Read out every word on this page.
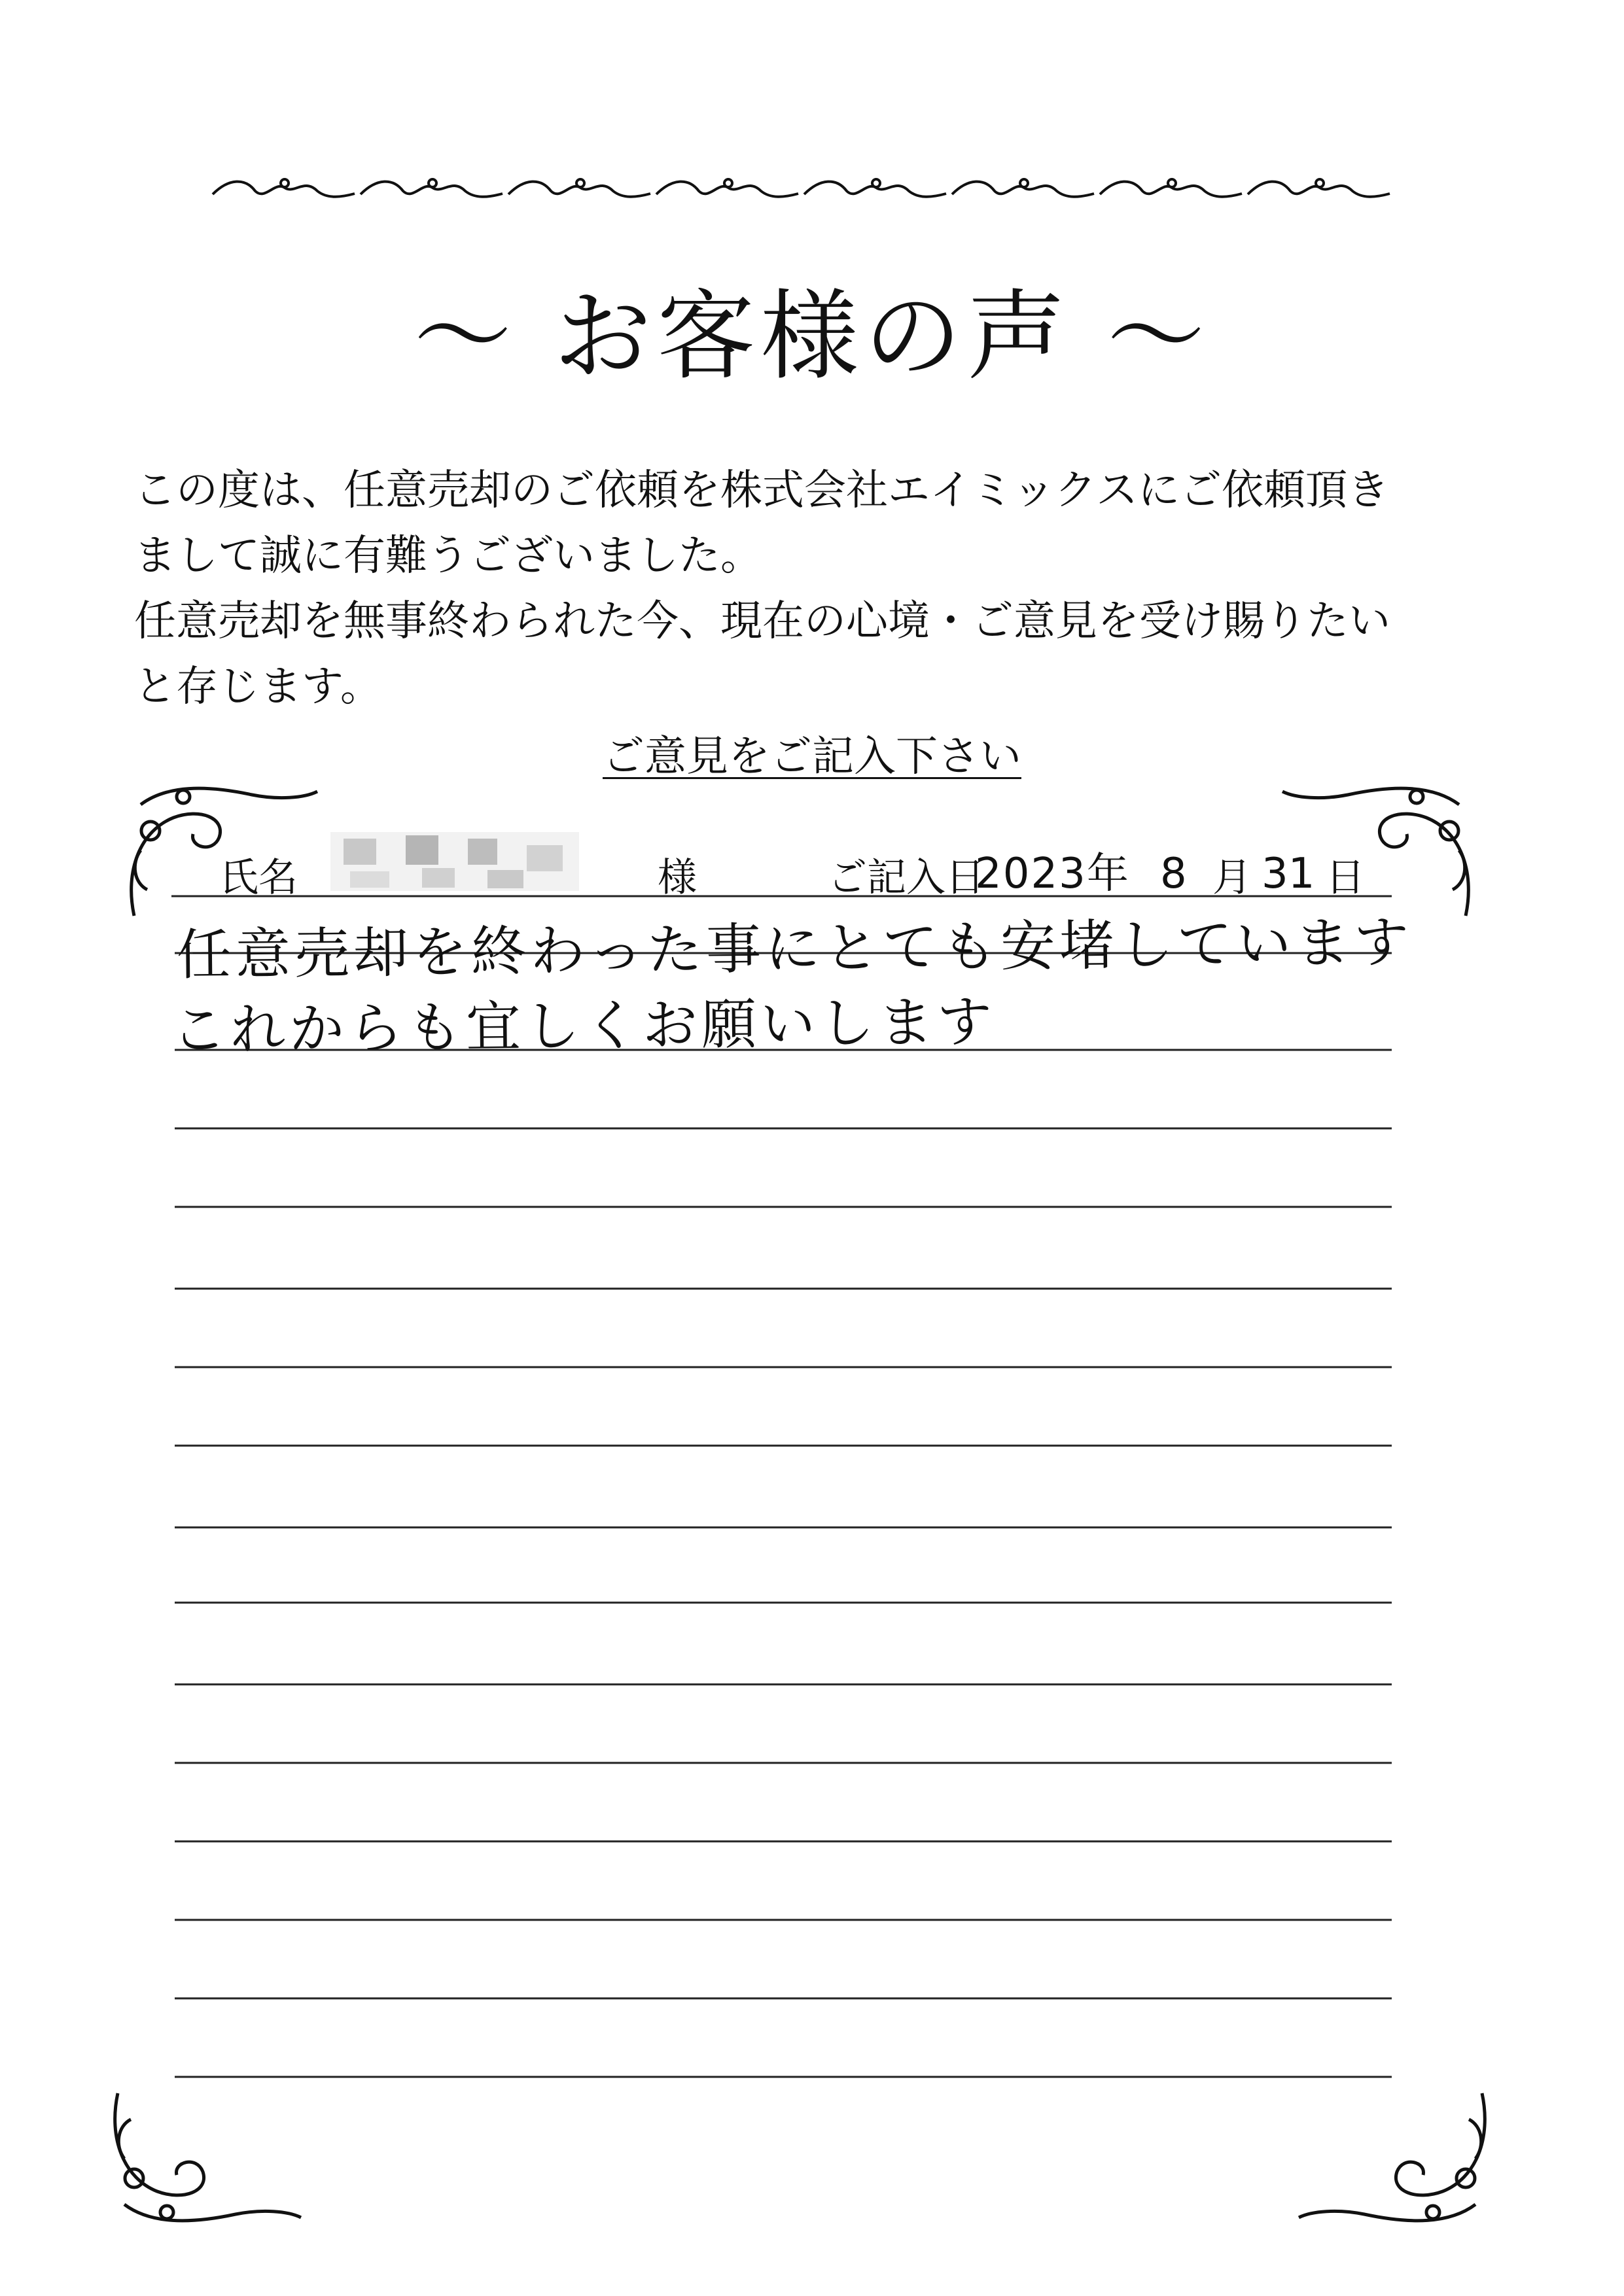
～ お客様の声 ～
この度は、任意売却のご依頼を株式会社エイミックスにご依頼頂き
まして誠に有難うございました。
任意売却を無事終わられた今、現在の心境・ご意見を受け賜りたい
と存じます。
ご意見をご記入下さい
氏名	様	ご記入日
2023年 8 月 31 日
任意売却を終わった事にとても安堵しています
これからも宜しくお願いします
